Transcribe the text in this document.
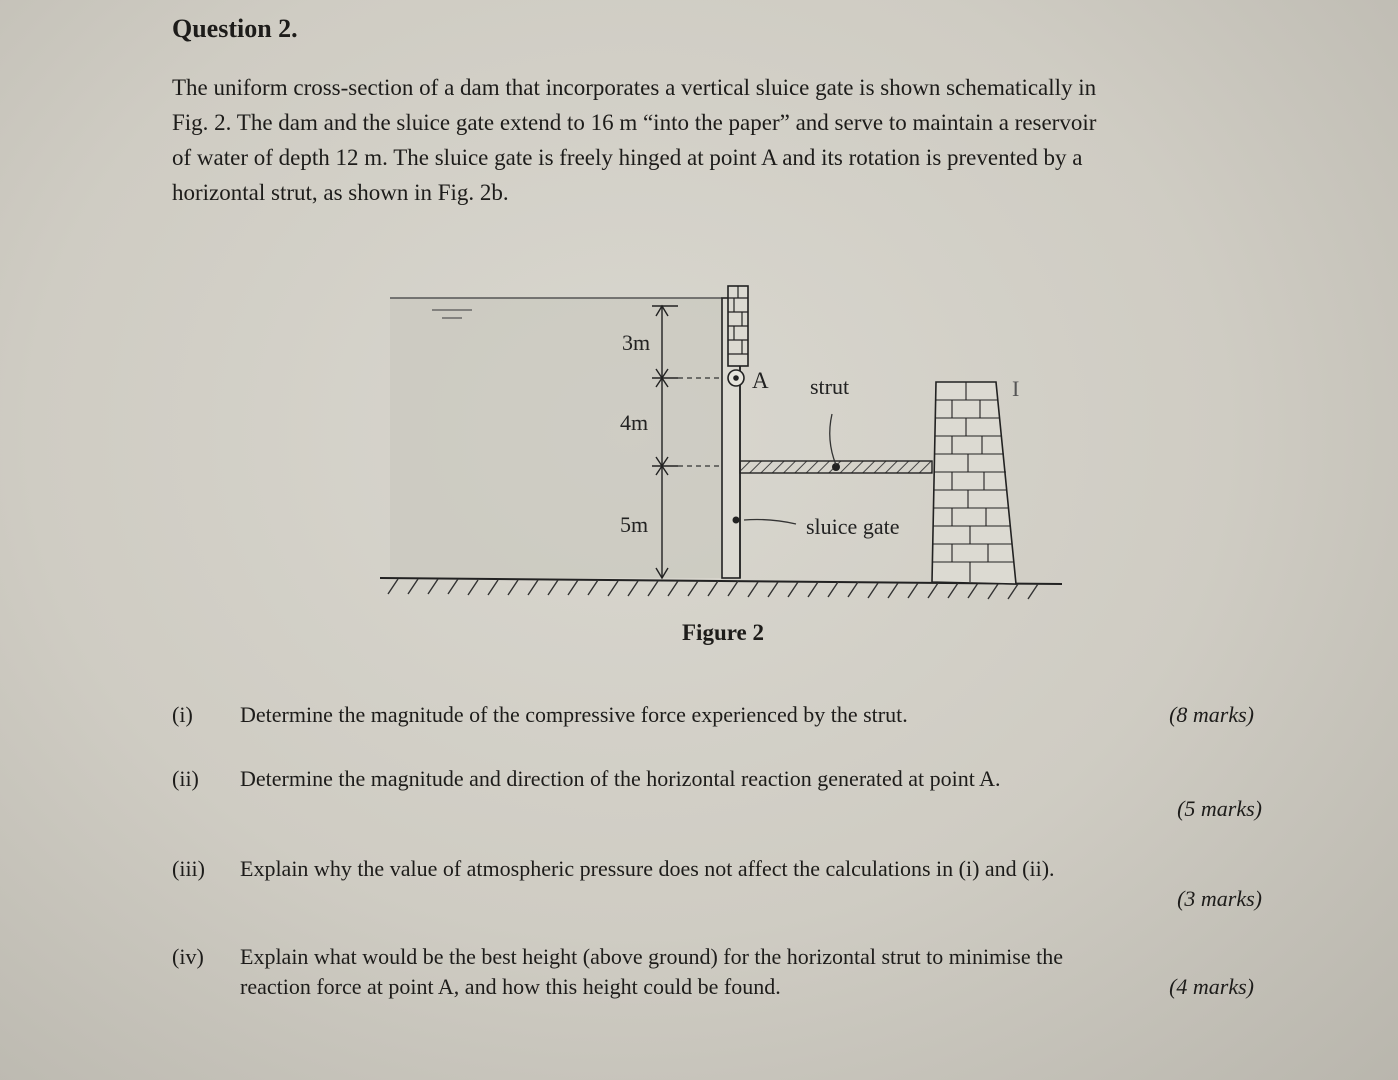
Question 2.

The uniform cross-section of a dam that incorporates a vertical sluice gate is shown schematically in

Fig. 2. The dam and the sluice gate extend to 16 m “into the paper” and serve to maintain a reservoir

of water of depth 12 m. The sluice gate is freely hinged at point A and its rotation is prevented by a

horizontal strut, as shown in Fig. 2b.

3m
4m
5m
A strut
sluice gate
I
Figure 2
(i)	Determine the magnitude of the compressive force experienced by the strut.	(8 marks)
(ii)	Determine the magnitude and direction of the horizontal reaction generated at point A.
(5 marks)
(iii)	Explain why the value of atmospheric pressure does not affect the calculations in (i) and (ii).
(3 marks)
(iv)	Explain what would be the best height (above ground) for the horizontal strut to minimise the
reaction force at point A, and how this height could be found.	(4 marks)
